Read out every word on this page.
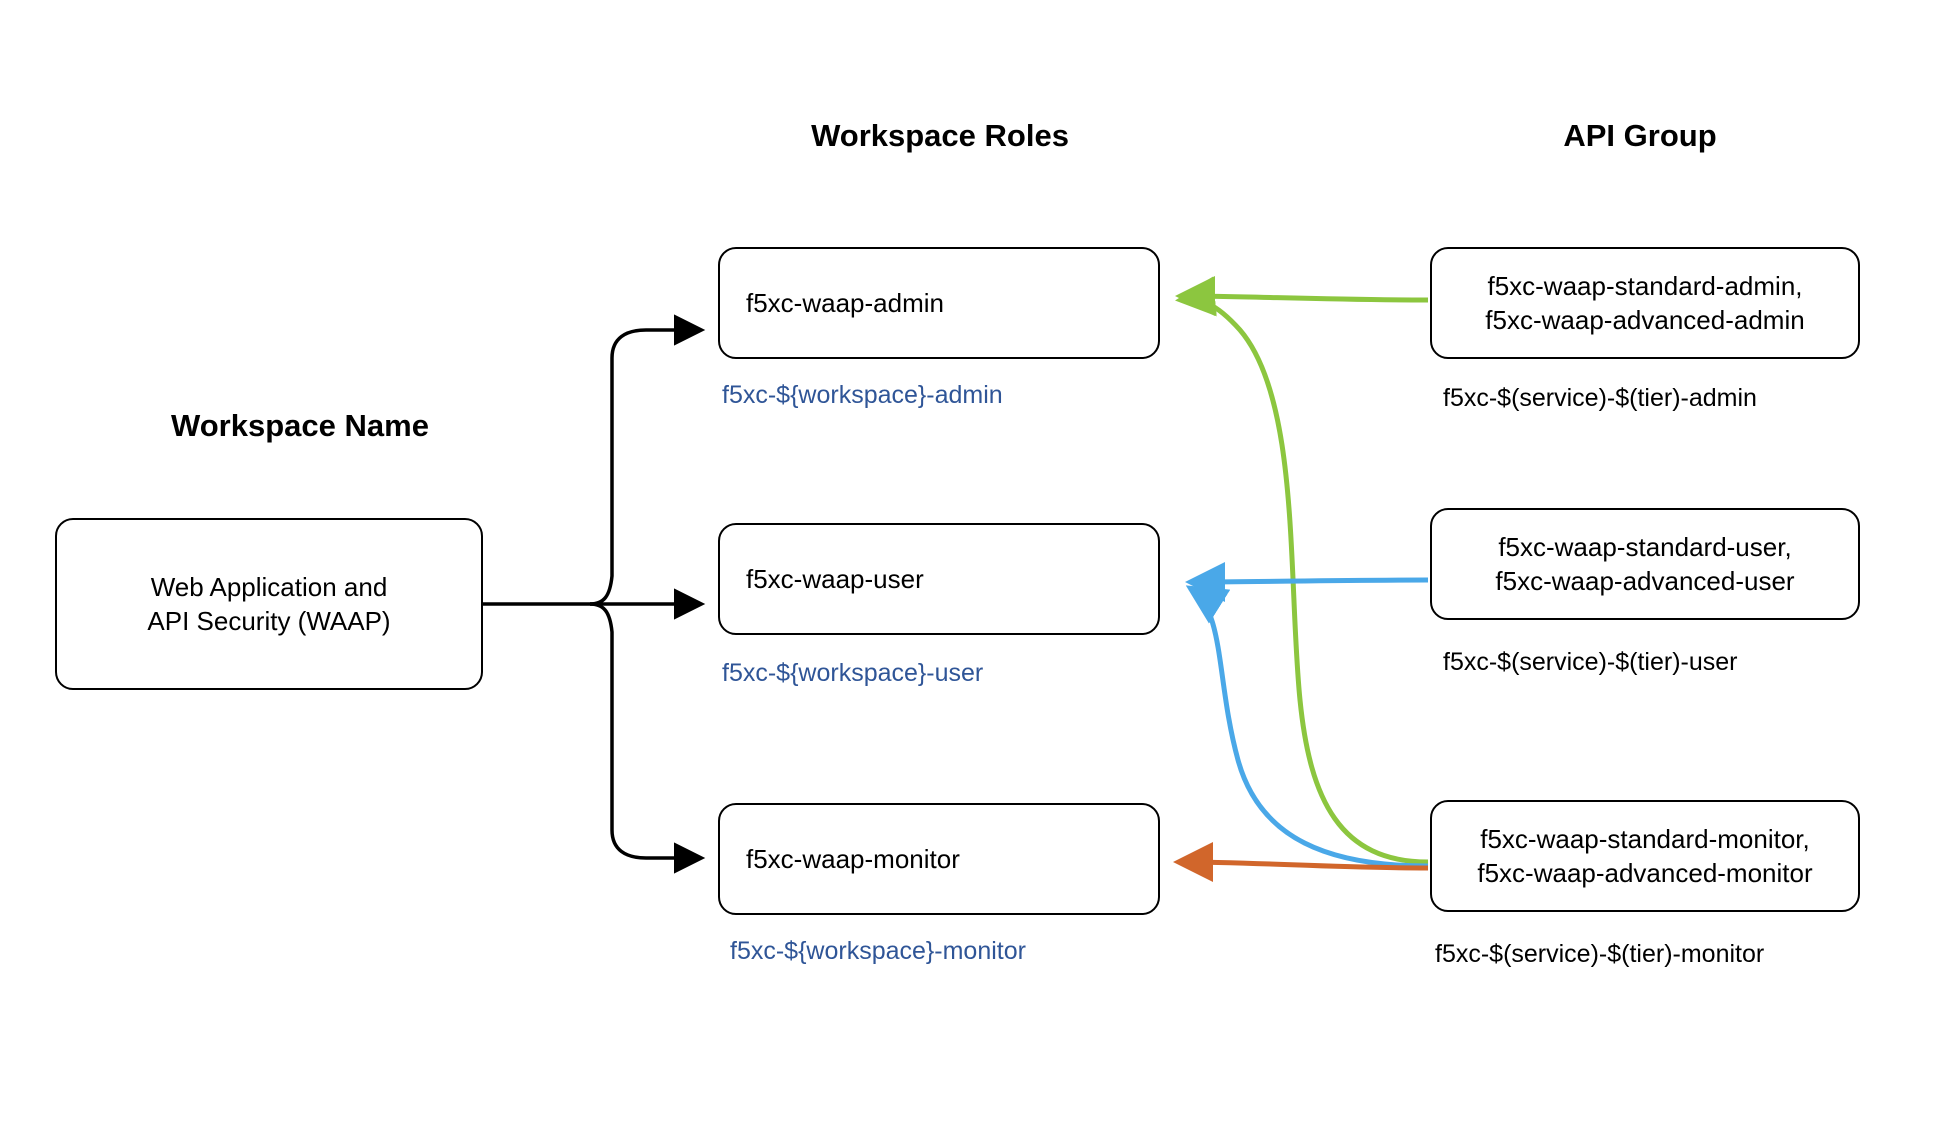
Workspace Name
Workspace Roles	API Group
Web Application and
API Security (WAAP)
f5xc-waap-admin
f5xc-${workspace}-admin
f5xc-waap-user
f5xc-${workspace}-user
f5xc-waap-monitor
f5xc-${workspace}-monitor
f5xc-waap-standard-admin,
f5xc-waap-advanced-admin
f5xc-$(service)-$(tier)-admin
f5xc-waap-standard-user,
f5xc-waap-advanced-user
f5xc-$(service)-$(tier)-user
f5xc-waap-standard-monitor,
f5xc-waap-advanced-monitor
f5xc-$(service)-$(tier)-monitor
